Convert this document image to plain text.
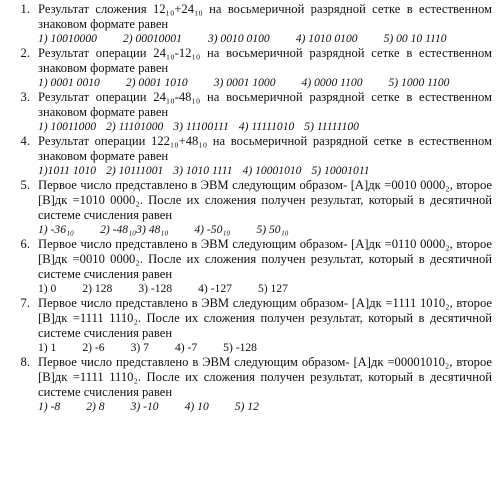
1. Результат сложения 12₁₀+24₁₀ на восьмеричной разрядной сетке в естественном знаковом формате равен
1) 10010000 2) 00010001 3) 0010 0100 4) 1010 0100 5) 00 10 1110
2. Результат операции 24₁₀-12₁₀ на восьмеричной разрядной сетке в естественном знаковом формате равен
1) 0001 0010 2) 0001 1010 3) 0001 1000 4) 0000 1100 5) 1000 1100
3. Результат операции 24₁₀-48₁₀ на восьмеричной разрядной сетке в естественном знаковом формате равен
1) 10011000 2) 11101000 3) 11100111 4) 11111010 5) 11111100
4. Результат операции 122₁₀+48₁₀ на восьмеричной разрядной сетке в естественном знаковом формате равен
1)1011 1010 2) 10111001 3) 1010 1111 4) 10001010 5) 10001011
5. Первое число представлено в ЭВМ следующим образом- [A]дк =0010 0000₂, второе [B]дк =1010 0000₂. После их сложения получен результат, который в десятичной системе счисления равен
1) -36₁₀ 2) -48₁₀3) 48₁₀ 4) -50₁₀ 5) 50₁₀
6. Первое число представлено в ЭВМ следующим образом- [A]дк =0110 0000₂, второе [B]дк =0010 0000₂. После их сложения получен результат, который в десятичной системе счисления равен
1) 0 2) 128 3) -128 4) -127 5) 127
7. Первое число представлено в ЭВМ следующим образом- [A]дк =1111 1010₂, второе [B]дк =1111 1110₂. После их сложения получен результат, который в десятичной системе счисления равен
1) 1 2) -6 3) 7 4) -7 5) -128
8. Первое число представлено в ЭВМ следующим образом- [A]дк =00001010₂, второе [B]дк =1111 1110₂. После их сложения получен результат, который в десятичной системе счисления равен
1) -8 2) 8 3) -10 4) 10 5) 12
